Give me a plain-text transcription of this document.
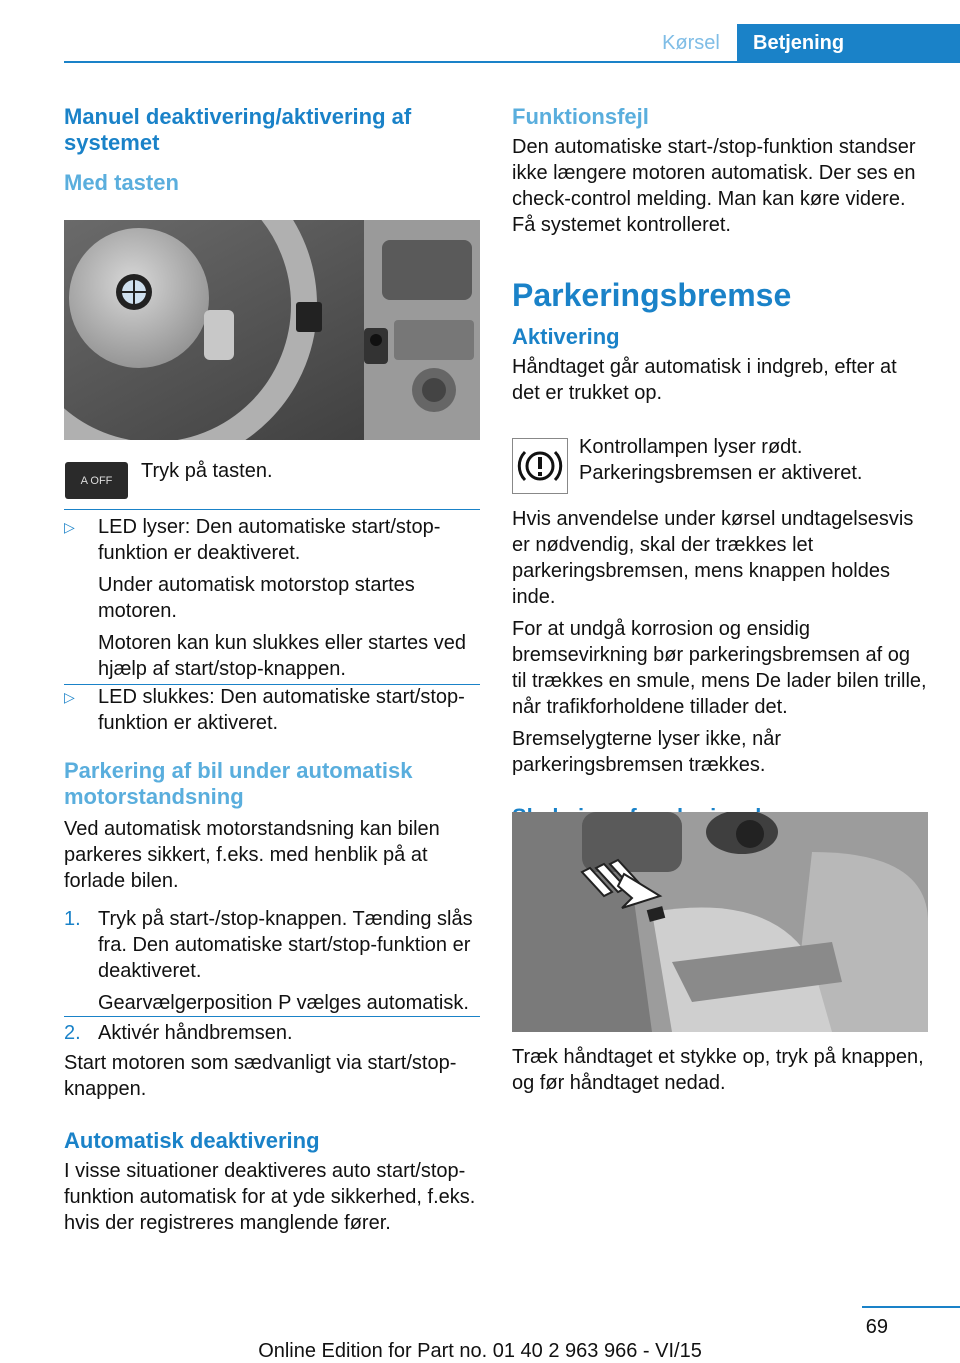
Kørsel	Betjening
Manuel deaktivering/aktivering af systemet
Med tasten
A OFF Tryk på tasten.
▷ LED lyser: Den automatiske start/stop-funktion er deaktiveret.
Under automatisk motorstop startes motoren.
Motoren kan kun slukkes eller startes ved hjælp af start/stop-knappen.
▷ LED slukkes: Den automatiske start/stop-funktion er aktiveret.
Parkering af bil under automatisk motorstandsning
Ved automatisk motorstandsning kan bilen parkeres sikkert, f.eks. med henblik på at forlade bilen.
1. Tryk på start-/stop-knappen. Tænding slås fra. Den automatiske start/stop-funktion er deaktiveret.
Gearvælgerposition P vælges automatisk.
2. Aktivér håndbremsen.
Start motoren som sædvanligt via start/stop-knappen.
Automatisk deaktivering
I visse situationer deaktiveres auto start/stop-funktion automatisk for at yde sikkerhed, f.eks. hvis der registreres manglende fører.
Funktionsfejl
Den automatiske start-/stop-funktion standser ikke længere motoren automatisk. Der ses en check-control melding. Man kan køre videre. Få systemet kontrolleret.
Parkeringsbremse
Aktivering
Håndtaget går automatisk i indgreb, efter at det er trukket op.
Kontrollampen lyser rødt. Parkeringsbremsen er aktiveret.
Hvis anvendelse under kørsel undtagelsesvis er nødvendig, skal der trækkes let parkeringsbremsen, mens knappen holdes inde.
For at undgå korrosion og ensidig bremsevirkning bør parkeringsbremsen af og til trækkes en smule, mens De lader bilen trille, når trafikforholdene tillader det.
Bremselygterne lyser ikke, når parkeringsbremsen trækkes.
Træk håndtaget et stykke op, tryk på knappen, og før håndtaget nedad.
69
Online Edition for Part no. 01 40 2 963 966 - VI/15
